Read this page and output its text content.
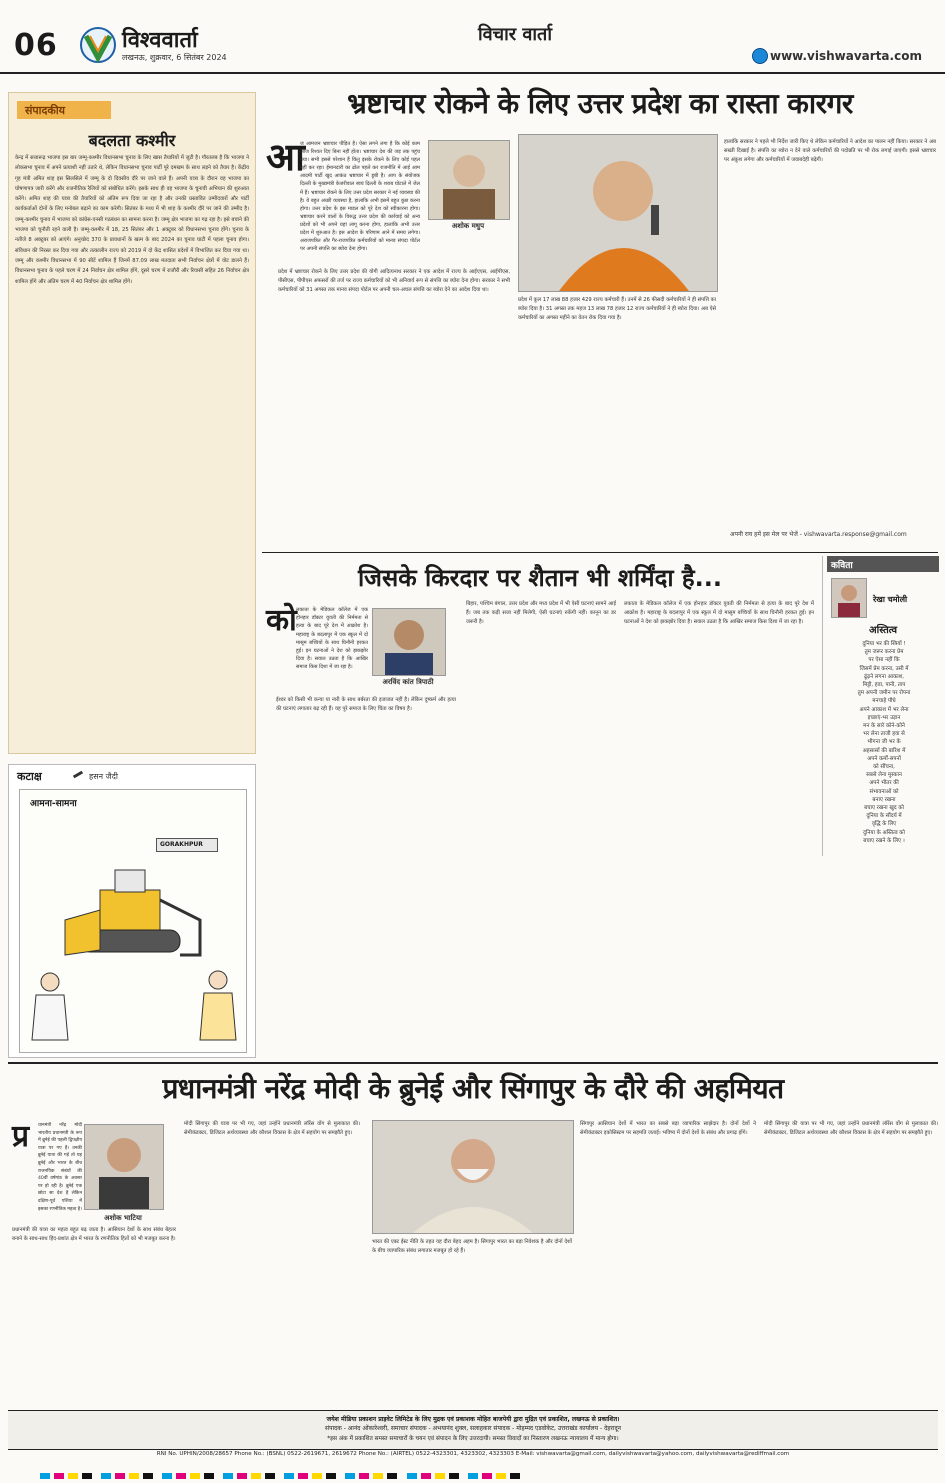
06	विश्ववार्ता
लखनऊ, शुक्रवार, 6 सितंबर 2024
विचार वार्ता
www.vishwavarta.com
संपादकीय
बदलता कश्मीर
केन्द्र में सत्तारूढ़ भाजपा इस बार जम्मू-कश्मीर विधानसभा चुनाव के लिए खास तैयारियों में जुटी है। गौरतलब है कि भाजपा ने लोकसभा चुनाव में अपने प्रत्याशी नहीं उतारे थे, लेकिन विधानसभा चुनाव पार्टी पूरे दमखम के साथ लड़ने को तैयार है। केंद्रीय गृह मंत्री अमित शाह इस सिलसिले में जम्मू के दो दिवसीय दौरे पर जाने वाले हैं। अपनी यात्रा के दौरान वह भाजपा का घोषणापत्र जारी करेंगे और राजनीतिक रैलियों को संबोधित करेंगे। इसके साथ ही वह भाजपा के चुनावी अभियान की शुरुआत करेंगे। अमित शाह की यात्रा की तैयारियों को अंतिम रूप दिया जा रहा है और उनकी प्रस्तावित उम्मीदवारों और पार्टी कार्यकर्ताओं दोनों के लिए मनोबल बढ़ाने का काम करेगी। सितंबर के मध्य में भी शाह के कश्मीर दौरे पर जाने की उम्मीद है। जम्मू-कश्मीर चुनाव में भाजपा को कांग्रेस-एनसी गठबंधन का सामना करना है। जम्मू क्षेत्र भाजपा का गढ़ रहा है। इसे बचाने की भाजपा को चुनौती रहने वाली है। जम्मू-कश्मीर में 18, 25 सितंबर और 1 अक्टूबर को विधानसभा चुनाव होंगे। चुनाव के नतीजे 8 अक्टूबर को आएंगे। अनुच्छेद 370 के प्रावधानों के खत्म के बाद 2024 का चुनाव घाटी में पहला चुनाव होगा। संविधान की निरस्त कर दिया गया और तत्कालीन राज्य को 2019 में दो केंद्र शासित प्रदेशों में विभाजित कर दिया गया था। जम्मू और कश्मीर विधानसभा में 90 सीटें शामिल हैं जिनमें 87.09 लाख मतदाता सभी निर्वाचन क्षेत्रों में वोट डालने हैं। विधानसभा चुनाव के पहले चरण में 24 निर्वाचन क्षेत्र शामिल होंगे, दूसरे चरण में राजौरी और रियासी सहित 26 निर्वाचन क्षेत्र शामिल होंगे और अंतिम चरण में 40 निर्वाचन क्षेत्र शामिल होंगे।
कटाक्ष	हसन जैदी
आमना-सामना
GORAKHPUR
भ्रष्टाचार रोकने के लिए उत्तर प्रदेश का रास्ता कारगर
आ
अशोक मधुप
ज आमजन भ्रष्टाचार पीड़ित है। ऐसा लगने लगा है कि कोई काम आज रिश्वत दिए बिना नहीं होता। भ्रष्टाचार देश की जड़ तक पहुंच गया। सभी इससे परेशान हैं किंतु इसके रोकने के लिए कोई पहल नहीं कर रहा। ईमानदारी का ढोल पहले कर राजनीति में आई आम आदमी पार्टी खुद आकंठ भ्रष्टाचार में डूबी है। आप के संयोजक दिल्ली के मुख्यमंत्री केजरीवाल स्वयं दिल्ली के शराब घोटाले में जेल में हैं। भ्रष्टाचार रोकने के लिए उत्तर प्रदेश सरकार ने नई व्यवस्था की है। ये बहुत अच्छी व्यवस्था है, हालांकि अभी इसमें बहुत कुछ करना होगा। उत्तर प्रदेश के इस माडल को पूरे देश को स्वीकारना होगा। भ्रष्टाचार करने वालों के विरुद्ध उत्तर प्रदेश की कार्रवाई को अन्य प्रदेशों को भी अपने यहां लागू करना होगा, हालांकि अभी उत्तर प्रदेश में शुरुआत है। इस आदेश के परिणाम आने में समय लगेगा। अराजपत्रित और गैर-राजपत्रित कर्मचारियों को मानव संपदा पोर्टल पर अपनी संपत्ति का ब्योरा देना होगा।
प्रदेश में भ्रष्टाचार रोकने के लिए उत्तर प्रदेश की योगी आदित्यनाथ सरकार ने एक आदेश में राज्य के आईएएस, आईपीएस, पीसीएस, पीपीएस अफसरों की तर्ज पर राज्य कर्मचारियों को भी अनिवार्य रूप से संपत्ति का ब्योरा देना होगा। सरकार ने सभी कर्मचारियों को 31 अगस्त तक मानव संपदा पोर्टल पर अपनी चल-अचल संपत्ति का ब्योरा देने का आदेश दिया था।
प्रदेश में कुल 17 लाख 88 हजार 429 राज्य कर्मचारी हैं। उनमें से 26 फीसदी कर्मचारियों ने ही संपत्ति का ब्योरा दिया है। 31 अगस्त तक महज 13 लाख 78 हजार 12 राज्य कर्मचारियों ने ही ब्योरा दिया। अब ऐसे कर्मचारियों का अगस्त महीने का वेतन रोक दिया गया है।
हालांकि सरकार ने पहले भी निर्देश जारी किए थे लेकिन कर्मचारियों ने आदेश का पालन नहीं किया। सरकार ने अब सख्ती दिखाई है। संपत्ति का ब्योरा न देने वाले कर्मचारियों की पदोन्नति पर भी रोक लगाई जाएगी। इससे भ्रष्टाचार पर अंकुश लगेगा और कर्मचारियों में जवाबदेही बढ़ेगी।
अपनी राय हमें इस मेल पर भेजें - vishwavarta.response@gmail.com
जिसके किरदार पर शैतान भी शर्मिंदा है...
को
अरविंद कांत त्रिपाठी
लकाता के मेडिकल कॉलेज में एक होनहार डॉक्टर युवती की निर्ममता से हत्या के बाद पूरे देश में आक्रोश है। महाराष्ट्र के बदलापुर में एक स्कूल में दो मासूम बच्चियों के साथ घिनौनी हरकत हुई। इन घटनाओं ने देश को झकझोर दिया है। सवाल उठता है कि आखिर समाज किस दिशा में जा रहा है।
ईश्वर को किसी भी कन्या या नारी के साथ बर्बरता की इजाजत नहीं है। लेकिन दुष्कर्म और हत्या की घटनाएं लगातार बढ़ रही हैं। यह पूरे समाज के लिए चिंता का विषय है।
बिहार, पश्चिम बंगाल, उत्तर प्रदेश और मध्य प्रदेश में भी ऐसी घटनाएं सामने आई हैं। जब तक कड़ी सजा नहीं मिलेगी, ऐसी घटनाएं रुकेंगी नहीं। कानून का डर जरूरी है।
लकाता के मेडिकल कॉलेज में एक होनहार डॉक्टर युवती की निर्ममता से हत्या के बाद पूरे देश में आक्रोश है। महाराष्ट्र के बदलापुर में एक स्कूल में दो मासूम बच्चियों के साथ घिनौनी हरकत हुई। इन घटनाओं ने देश को झकझोर दिया है। सवाल उठता है कि आखिर समाज किस दिशा में जा रहा है।
कविता
रेखा चमोली
अस्तित्व
दुनिया भर की स्त्रियों !
तुम जरूर करना प्रेम
पर ऐसा नहीं कि
जिसमें प्रेम करना, उसी में
ढूंढ़ने लगना आकाश,
मिट्टी, हवा, पानी, ताप
तुम अपनी जमीन पर रोपना
मनचाहे पौधे
अपने आकाश में भर लेना
इच्छाएं-भर उड़ान
मन के सारे कोने-कोने
भर लेना ताजी हवा से
भीगना जी भर के
अहसासों की बारिश में
अपने कर्मों-सपनों
को सींचना,
सबसे लेना मुस्कान
अपने भीतर की
संभावनाओं को
बनाए रखना
बचाए रखना खुद को
दुनिया के सौंदर्य में
वृद्धि के लिए
दुनिया के अस्तित्व को
बचाए रखने के लिए ।
प्रधानमंत्री नरेंद्र मोदी के ब्रुनेई और सिंगापुर के दौरे की अहमियत
प्र
अशोक भाटिया
धानमंत्री नरेंद्र मोदी भारतीय प्रधानमंत्री के रूप में ब्रुनेई की पहली द्विपक्षीय यात्रा पर गए हैं। उनकी ब्रुनेई यात्रा की गई तो यह ब्रुनेई और भारत के बीच राजनयिक संबंधों की 40वीं वर्षगांठ के अवसर पर हो रही है। ब्रुनेई एक छोटा सा देश है लेकिन दक्षिण-पूर्व एशिया में इसका रणनीतिक महत्व है।
प्रधानमंत्री की यात्रा का महत्व बहुत बढ़ जाता है। आसियान देशों के साथ संबंध बेहतर बनाने के साथ-साथ हिंद-प्रशांत क्षेत्र में भारत के रणनीतिक हितों को भी मजबूत करना है।
मोदी सिंगापुर की यात्रा पर भी गए, जहां उन्होंने प्रधानमंत्री लॉरेंस वोंग से मुलाकात की। सेमीकंडक्टर, डिजिटल अर्थव्यवस्था और कौशल विकास के क्षेत्र में सहयोग पर समझौते हुए।
भारत की एक्ट ईस्ट नीति के तहत यह दौरा बेहद अहम है। सिंगापुर भारत का बड़ा निवेशक है और दोनों देशों के बीच व्यापारिक संबंध लगातार मजबूत हो रहे हैं।
सिंगापुर आसियान देशों में भारत का सबसे बड़ा व्यापारिक साझेदार है। दोनों देशों ने सेमीकंडक्टर इकोसिस्टम पर सहमति जताई। भविष्य में दोनों देशों के संबंध और प्रगाढ़ होंगे।
मोदी सिंगापुर की यात्रा पर भी गए, जहां उन्होंने प्रधानमंत्री लॉरेंस वोंग से मुलाकात की। सेमीकंडक्टर, डिजिटल अर्थव्यवस्था और कौशल विकास के क्षेत्र में सहयोग पर समझौते हुए।
जयेश मीडिया प्रकाशन प्राइवेट लिमिटेड के लिए मुद्रक एवं प्रकाशक मोहित बाजपेयी द्वारा मुद्रित एवं प्रकाशित, लखनऊ से प्रकाशित।
संपादक - आनंद ओंकारेश्वरी, समाचार संपादक - अभयानंद शुक्ल, सलाहकार संपादक - मोहम्मद एडवोकेट, उत्तराखंड कार्यालय - देहरादून
*इस अंक में प्रकाशित समस्त समाचारों के चयन एवं संपादन के लिए उत्तरदायी। समस्त विवादों का निस्तारण लखनऊ न्यायालय में मान्य होगा।
RNI No. UPHIN/2008/28657 Phone No.: (BSNL) 0522-2619671, 2619672 Phone No.: (AIRTEL) 0522-4323301, 4323302, 4323303 E-Mail: vishwavarta@gmail.com, dailyvishwavarta@yahoo.com, dailyvishwavarta@rediffmail.com
